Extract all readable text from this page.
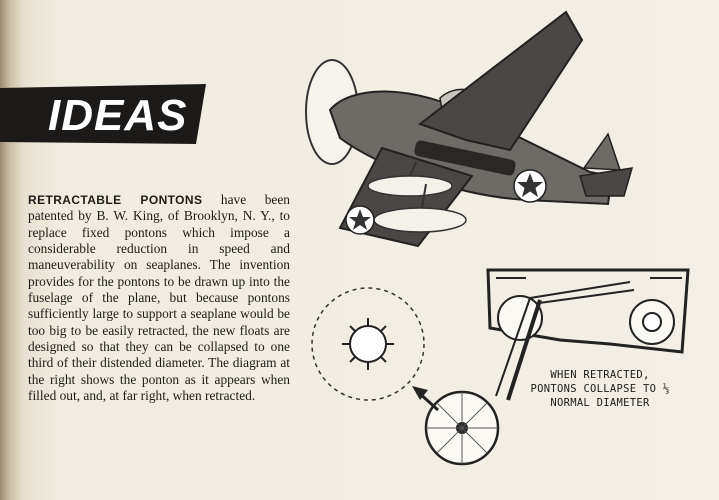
IDEAS
RETRACTABLE PONTONS have been patented by B. W. King, of Brooklyn, N. Y., to replace fixed pontons which impose a considerable reduction in speed and maneuverability on seaplanes. The invention provides for the pontons to be drawn up into the fuselage of the plane, but because pontons sufficiently large to support a seaplane would be too big to be easily retracted, the new floats are designed so that they can be collapsed to one third of their distended diameter. The diagram at the right shows the ponton as it appears when filled out, and, at far right, when retracted.
WHEN RETRACTED,
PONTONS COLLAPSE TO ⅓
NORMAL DIAMETER
